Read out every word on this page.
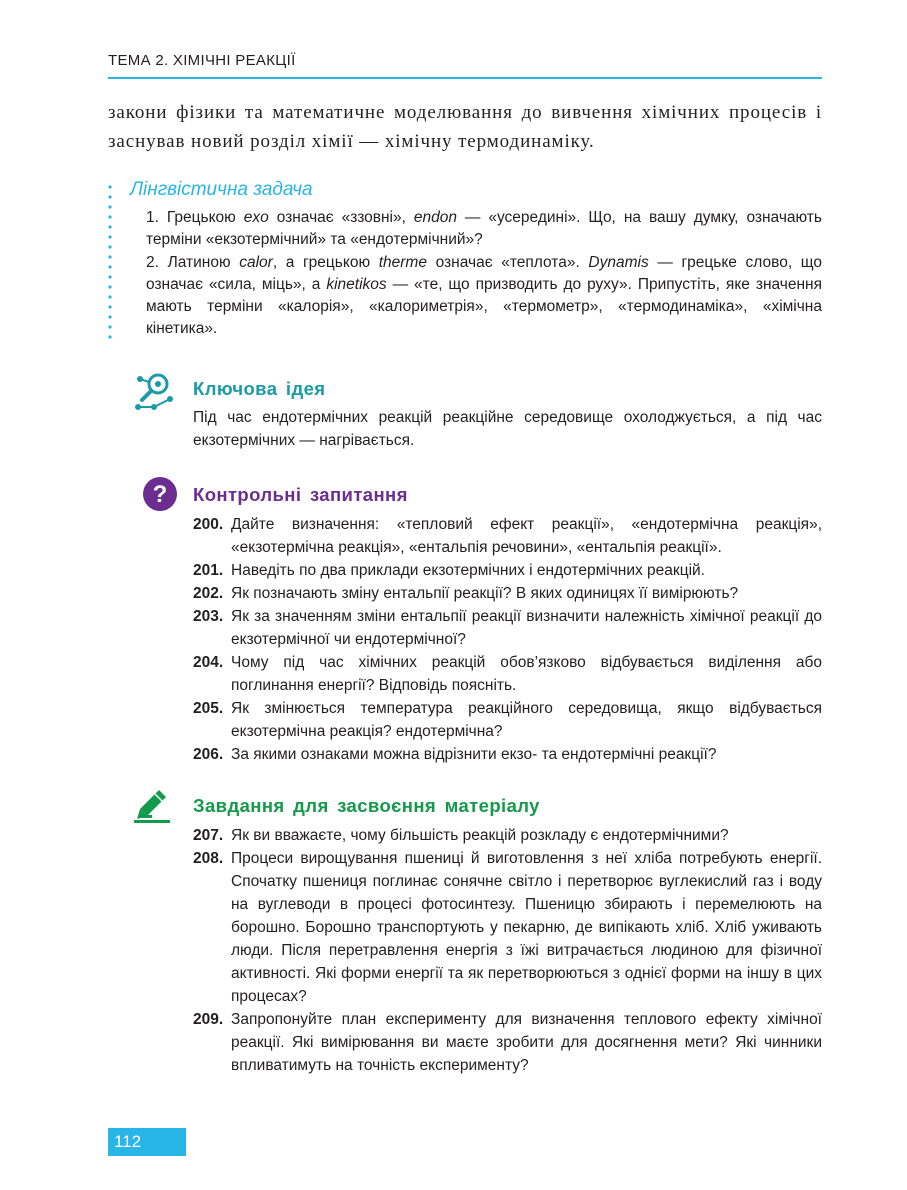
ТЕМА 2. ХІМІЧНІ РЕАКЦІЇ
закони фізики та математичне моделювання до вивчення хімічних процесів і заснував новий розділ хімії — хімічну термодинаміку.
Лінгвістична задача

1. Грецькою exo означає «ззовні», endon — «усередині». Що, на вашу думку, означають терміни «екзотермічний» та «ендотермічний»?

2. Латиною calor, а грецькою therme означає «теплота». Dynamis — грецьке слово, що означає «сила, міць», а kinetikos — «те, що призводить до руху». Припустіть, яке значення мають терміни «калорія», «калориметрія», «термометр», «термодинаміка», «хімічна кінетика».

Ключова ідея
Під час ендотермічних реакцій реакційне середовище охолоджується, а під час екзотермічних — нагрівається.
? Контрольні запитання
200. Дайте визначення: «тепловий ефект реакції», «ендотермічна реакція», «екзотермічна реакція», «ентальпія речовини», «ентальпія реакції».
201. Наведіть по два приклади екзотермічних і ендотермічних реакцій.
202. Як позначають зміну ентальпії реакції? В яких одиницях її вимірюють?
203. Як за значенням зміни ентальпії реакції визначити належність хімічної реакції до екзотермічної чи ендотермічної?
204. Чому під час хімічних реакцій обов’язково відбувається виділення або поглинання енергії? Відповідь поясніть.
205. Як змінюється температура реакційного середовища, якщо відбувається екзотермічна реакція? ендотермічна?
206. За якими ознаками можна відрізнити екзо- та ендотермічні реакції?
Завдання для засвоєння матеріалу
207. Як ви вважаєте, чому більшість реакцій розкладу є ендотермічними?
208. Процеси вирощування пшениці й виготовлення з неї хліба потребують енергії. Спочатку пшениця поглинає сонячне світло і перетворює вуглекислий газ і воду на вуглеводи в процесі фотосинтезу. Пшеницю збирають і перемелюють на борошно. Борошно транспортують у пекарню, де випікають хліб. Хліб уживають люди. Після перетравлення енергія з їжі витрачається людиною для фізичної активності. Які форми енергії та як перетворюються з однієї форми на іншу в цих процесах?
209. Запропонуйте план експерименту для визначення теплового ефекту хімічної реакції. Які вимірювання ви маєте зробити для досягнення мети? Які чинники впливатимуть на точність експерименту?
112
